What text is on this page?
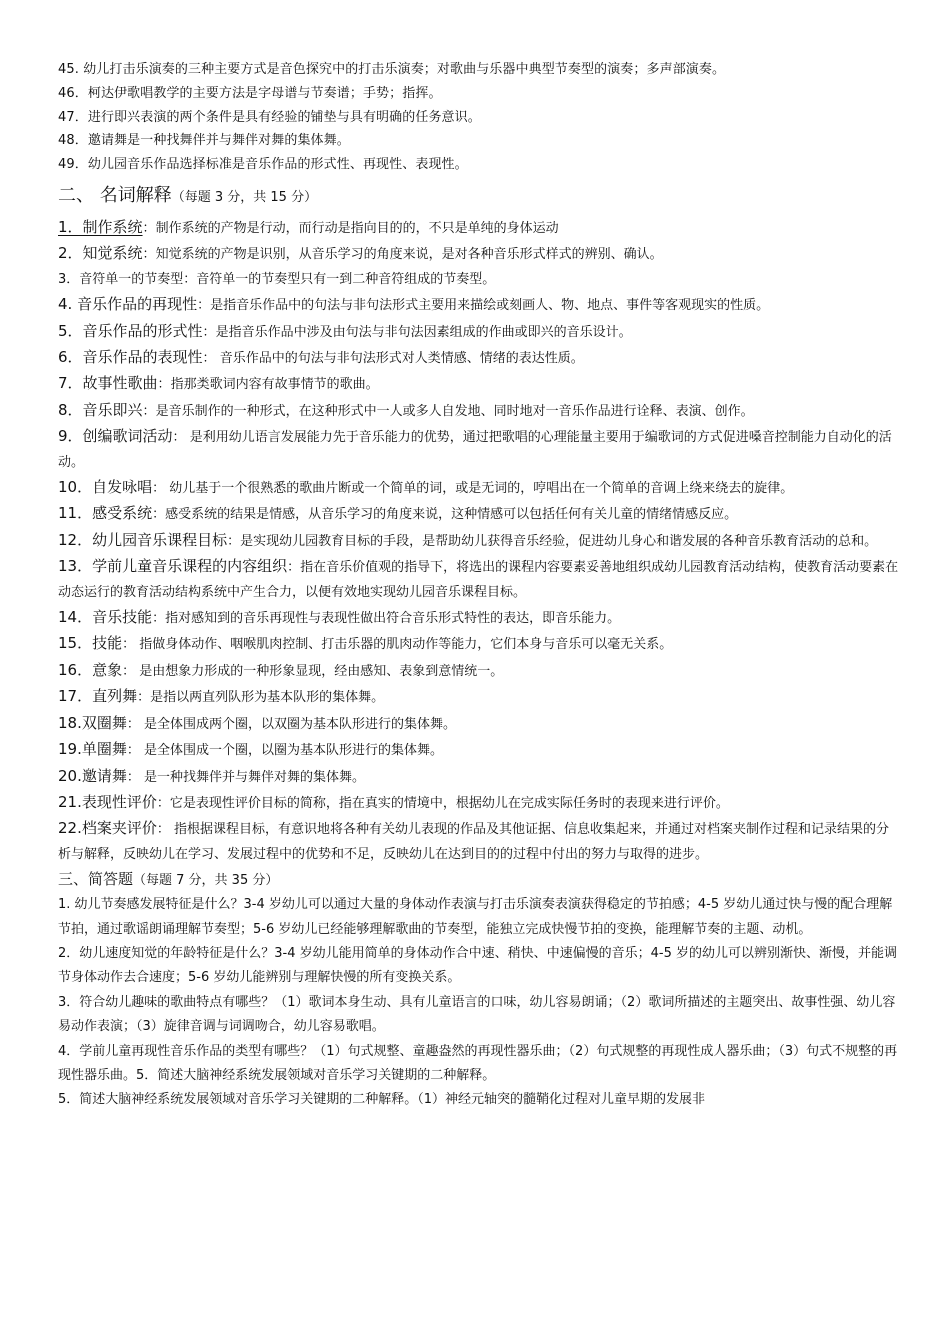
45. 幼儿打击乐演奏的三种主要方式是音色探究中的打击乐演奏；对歌曲与乐器中典型节奏型的演奏；多声部演奏。

46．柯达伊歌唱教学的主要方法是字母谱与节奏谱；手势；指挥。

47．进行即兴表演的两个条件是具有经验的铺垫与具有明确的任务意识。

48．邀请舞是一种找舞伴并与舞伴对舞的集体舞。

49．幼儿园音乐作品选择标准是音乐作品的形式性、再现性、表现性。

二、 名词解释（每题 3 分，共 15 分）

1．制作系统：制作系统的产物是行动，而行动是指向目的的，不只是单纯的身体运动

2．知觉系统：知觉系统的产物是识别，从音乐学习的角度来说，是对各种音乐形式样式的辨别、确认。

3．音符单一的节奏型：音符单一的节奏型只有一到二种音符组成的节奏型。

4. 音乐作品的再现性：是指音乐作品中的句法与非句法形式主要用来描绘或刻画人、物、地点、事件等客观现实的性质。

5．音乐作品的形式性：是指音乐作品中涉及由句法与非句法因素组成的作曲或即兴的音乐设计。

6．音乐作品的表现性： 音乐作品中的句法与非句法形式对人类情感、情绪的表达性质。

7．故事性歌曲：指那类歌词内容有故事情节的歌曲。

8．音乐即兴：是音乐制作的一种形式，在这种形式中一人或多人自发地、同时地对一音乐作品进行诠释、表演、创作。

9．创编歌词活动： 是利用幼儿语言发展能力先于音乐能力的优势，通过把歌唱的心理能量主要用于编歌词的方式促进嗓音控制能力自动化的活动。

10．自发咏唱： 幼儿基于一个很熟悉的歌曲片断或一个简单的词，或是无词的，哼唱出在一个简单的音调上绕来绕去的旋律。

11．感受系统：感受系统的结果是情感，从音乐学习的角度来说，这种情感可以包括任何有关儿童的情绪情感反应。

12．幼儿园音乐课程目标：是实现幼儿园教育目标的手段，是帮助幼儿获得音乐经验，促进幼儿身心和谐发展的各种音乐教育活动的总和。

13．学前儿童音乐课程的内容组织：指在音乐价值观的指导下，将选出的课程内容要素妥善地组织成幼儿园教育活动结构，使教育活动要素在动态运行的教育活动结构系统中产生合力，以便有效地实现幼儿园音乐课程目标。

14．音乐技能：指对感知到的音乐再现性与表现性做出符合音乐形式特性的表达，即音乐能力。

15．技能： 指做身体动作、咽喉肌肉控制、打击乐器的肌肉动作等能力，它们本身与音乐可以毫无关系。

16．意象： 是由想象力形成的一种形象显现，经由感知、表象到意情统一。

17．直列舞：是指以两直列队形为基本队形的集体舞。

18.双圈舞： 是全体围成两个圈，以双圈为基本队形进行的集体舞。

19.单圈舞： 是全体围成一个圈，以圈为基本队形进行的集体舞。

20.邀请舞： 是一种找舞伴并与舞伴对舞的集体舞。

21.表现性评价：它是表现性评价目标的简称，指在真实的情境中，根据幼儿在完成实际任务时的表现来进行评价。

22.档案夹评价： 指根据课程目标，有意识地将各种有关幼儿表现的作品及其他证据、信息收集起来，并通过对档案夹制作过程和记录结果的分析与解释，反映幼儿在学习、发展过程中的优势和不足，反映幼儿在达到目的的过程中付出的努力与取得的进步。

三、简答题（每题 7 分，共 35 分）

1. 幼儿节奏感发展特征是什么？3-4 岁幼儿可以通过大量的身体动作表演与打击乐演奏表演获得稳定的节拍感；4-5 岁幼儿通过快与慢的配合理解节拍，通过歌谣朗诵理解节奏型；5-6 岁幼儿已经能够理解歌曲的节奏型，能独立完成快慢节拍的变换，能理解节奏的主题、动机。

2．幼儿速度知觉的年龄特征是什么？3-4 岁幼儿能用简单的身体动作合中速、稍快、中速偏慢的音乐；4-5 岁的幼儿可以辨别渐快、渐慢，并能调节身体动作去合速度；5-6 岁幼儿能辨别与理解快慢的所有变换关系。

3．符合幼儿趣味的歌曲特点有哪些？（1）歌词本身生动、具有儿童语言的口味，幼儿容易朗诵；（2）歌词所描述的主题突出、故事性强、幼儿容易动作表演；（3）旋律音调与词调吻合，幼儿容易歌唱。

4．学前儿童再现性音乐作品的类型有哪些？（1）句式规整、童趣盎然的再现性器乐曲；（2）句式规整的再现性成人器乐曲；（3）句式不规整的再现性器乐曲。5．简述大脑神经系统发展领域对音乐学习关键期的二种解释。

5．简述大脑神经系统发展领域对音乐学习关键期的二种解释。（1）神经元轴突的髓鞘化过程对儿童早期的发展非
